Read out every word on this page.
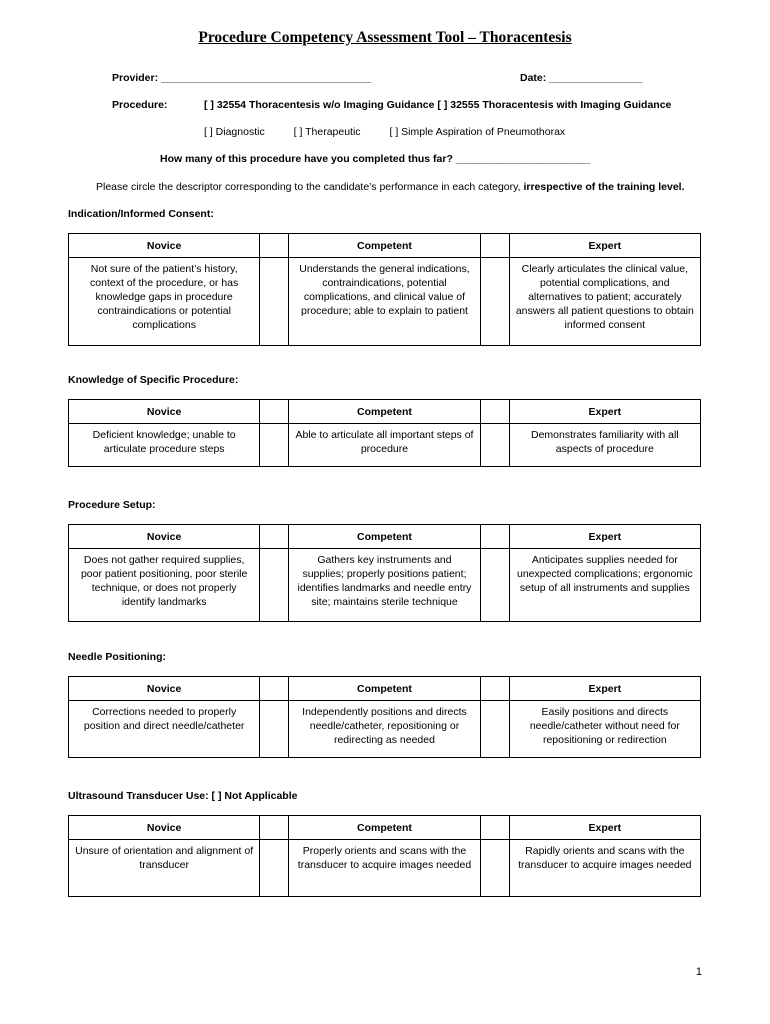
Procedure Competency Assessment Tool – Thoracentesis
Provider: ____________________________________	Date: ________________
Procedure:	[ ] 32554 Thoracentesis w/o Imaging Guidance [ ] 32555 Thoracentesis with Imaging Guidance
[ ] Diagnostic	[ ] Therapeutic	[ ] Simple Aspiration of Pneumothorax
How many of this procedure have you completed thus far? _______________________
Please circle the descriptor corresponding to the candidate’s performance in each category, irrespective of the training level.
Indication/Informed Consent:
Novice		Competent		Expert
Not sure of the patient’s history, context of the procedure, or has knowledge gaps in procedure contraindications or potential complications		Understands the general indications, contraindications, potential complications, and clinical value of procedure; able to explain to patient		Clearly articulates the clinical value, potential complications, and alternatives to patient; accurately answers all patient questions to obtain informed consent
Knowledge of Specific Procedure:
Novice		Competent		Expert
Deficient knowledge; unable to articulate procedure steps		Able to articulate all important steps of procedure		Demonstrates familiarity with all aspects of procedure
Procedure Setup:
Novice		Competent		Expert
Does not gather required supplies, poor patient positioning, poor sterile technique, or does not properly identify landmarks		Gathers key instruments and supplies; properly positions patient; identifies landmarks and needle entry site; maintains sterile technique		Anticipates supplies needed for unexpected complications; ergonomic setup of all instruments and supplies
Needle Positioning:
Novice		Competent		Expert
Corrections needed to properly position and direct needle/catheter		Independently positions and directs needle/catheter, repositioning or redirecting as needed		Easily positions and directs needle/catheter without need for repositioning or redirection
Ultrasound Transducer Use: [ ] Not Applicable
Novice		Competent		Expert
Unsure of orientation and alignment of transducer		Properly orients and scans with the transducer to acquire images needed		Rapidly orients and scans with the transducer to acquire images needed
1
